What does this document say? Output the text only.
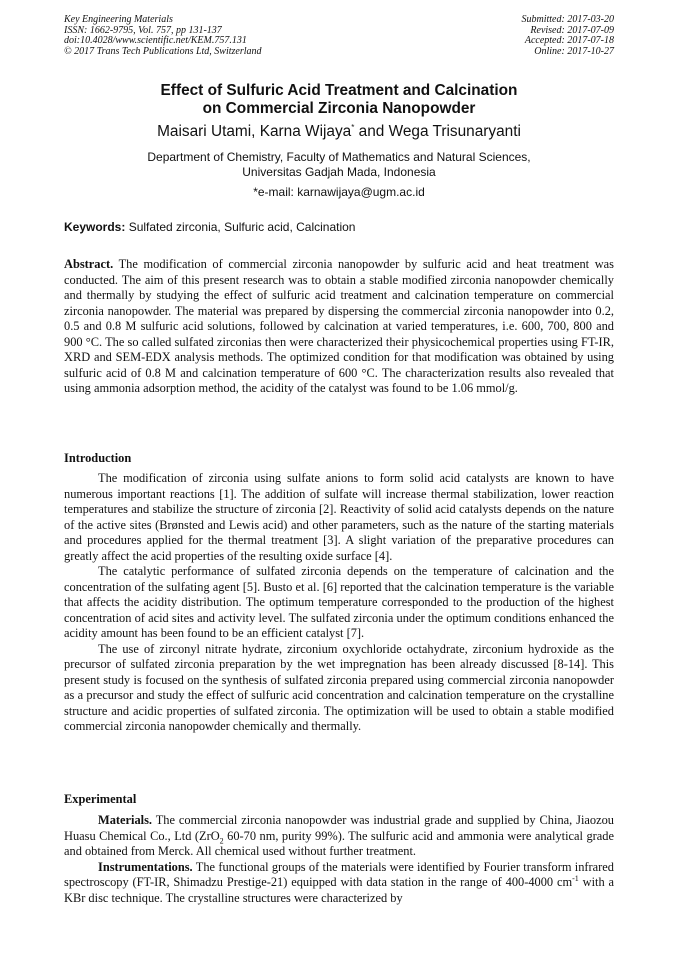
Key Engineering Materials
ISSN: 1662-9795, Vol. 757, pp 131-137
doi:10.4028/www.scientific.net/KEM.757.131
© 2017 Trans Tech Publications Ltd, Switzerland
Submitted: 2017-03-20
Revised: 2017-07-09
Accepted: 2017-07-18
Online: 2017-10-27
Effect of Sulfuric Acid Treatment and Calcination
on Commercial Zirconia Nanopowder
Maisari Utami, Karna Wijaya* and Wega Trisunaryanti
Department of Chemistry, Faculty of Mathematics and Natural Sciences,
Universitas Gadjah Mada, Indonesia
*e-mail: karnawijaya@ugm.ac.id
Keywords: Sulfated zirconia, Sulfuric acid, Calcination
Abstract. The modification of commercial zirconia nanopowder by sulfuric acid and heat treatment was conducted. The aim of this present research was to obtain a stable modified zirconia nanopowder chemically and thermally by studying the effect of sulfuric acid treatment and calcination temperature on commercial zirconia nanopowder. The material was prepared by dispersing the commercial zirconia nanopowder into 0.2, 0.5 and 0.8 M sulfuric acid solutions, followed by calcination at varied temperatures, i.e. 600, 700, 800 and 900 °C. The so called sulfated zirconias then were characterized their physicochemical properties using FT-IR, XRD and SEM-EDX analysis methods. The optimized condition for that modification was obtained by using sulfuric acid of 0.8 M and calcination temperature of 600 °C. The characterization results also revealed that using ammonia adsorption method, the acidity of the catalyst was found to be 1.06 mmol/g.
Introduction

The modification of zirconia using sulfate anions to form solid acid catalysts are known to have numerous important reactions [1]. The addition of sulfate will increase thermal stabilization, lower reaction temperatures and stabilize the structure of zirconia [2]. Reactivity of solid acid catalysts depends on the nature of the active sites (Brønsted and Lewis acid) and other parameters, such as the nature of the starting materials and procedures applied for the thermal treatment [3]. A slight variation of the preparative procedures can greatly affect the acid properties of the resulting oxide surface [4].

The catalytic performance of sulfated zirconia depends on the temperature of calcination and the concentration of the sulfating agent [5]. Busto et al. [6] reported that the calcination temperature is the variable that affects the acidity distribution. The optimum temperature corresponded to the production of the highest concentration of acid sites and activity level. The sulfated zirconia under the optimum conditions enhanced the acidity amount has been found to be an efficient catalyst [7].

The use of zirconyl nitrate hydrate, zirconium oxychloride octahydrate, zirconium hydroxide as the precursor of sulfated zirconia preparation by the wet impregnation has been already discussed [8-14]. This present study is focused on the synthesis of sulfated zirconia prepared using commercial zirconia nanopowder as a precursor and study the effect of sulfuric acid concentration and calcination temperature on the crystalline structure and acidic properties of sulfated zirconia. The optimization will be used to obtain a stable modified commercial zirconia nanopowder chemically and thermally.

Experimental

Materials. The commercial zirconia nanopowder was industrial grade and supplied by China, Jiaozou Huasu Chemical Co., Ltd (ZrO$_2$ 60-70 nm, purity 99%). The sulfuric acid and ammonia were analytical grade and obtained from Merck. All chemical used without further treatment.

Instrumentations. The functional groups of the materials were identified by Fourier transform infrared spectroscopy (FT-IR, Shimadzu Prestige-21) equipped with data station in the range of 400-4000 $cm^{-1}$ with a KBr disc technique. The crystalline structures were characterized by
